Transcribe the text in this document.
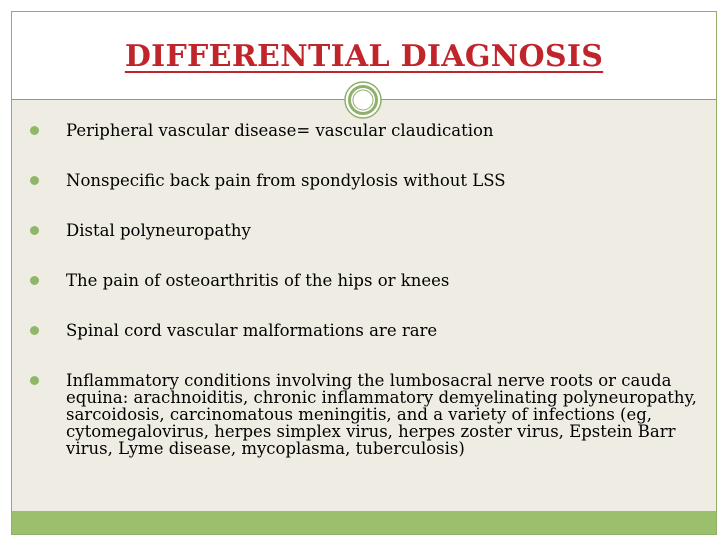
DIFFERENTIAL DIAGNOSIS
Peripheral vascular disease= vascular claudication
Nonspecific back pain from spondylosis without LSS
Distal polyneuropathy
The pain of osteoarthritis of the hips or knees
Spinal cord vascular malformations are rare
Inflammatory conditions involving the lumbosacral nerve roots or cauda equina: arachnoiditis, chronic inflammatory demyelinating polyneuropathy, sarcoidosis, carcinomatous meningitis, and a variety of infections (eg, cytomegalovirus, herpes simplex virus, herpes zoster virus, Epstein Barr virus, Lyme disease, mycoplasma, tuberculosis)
